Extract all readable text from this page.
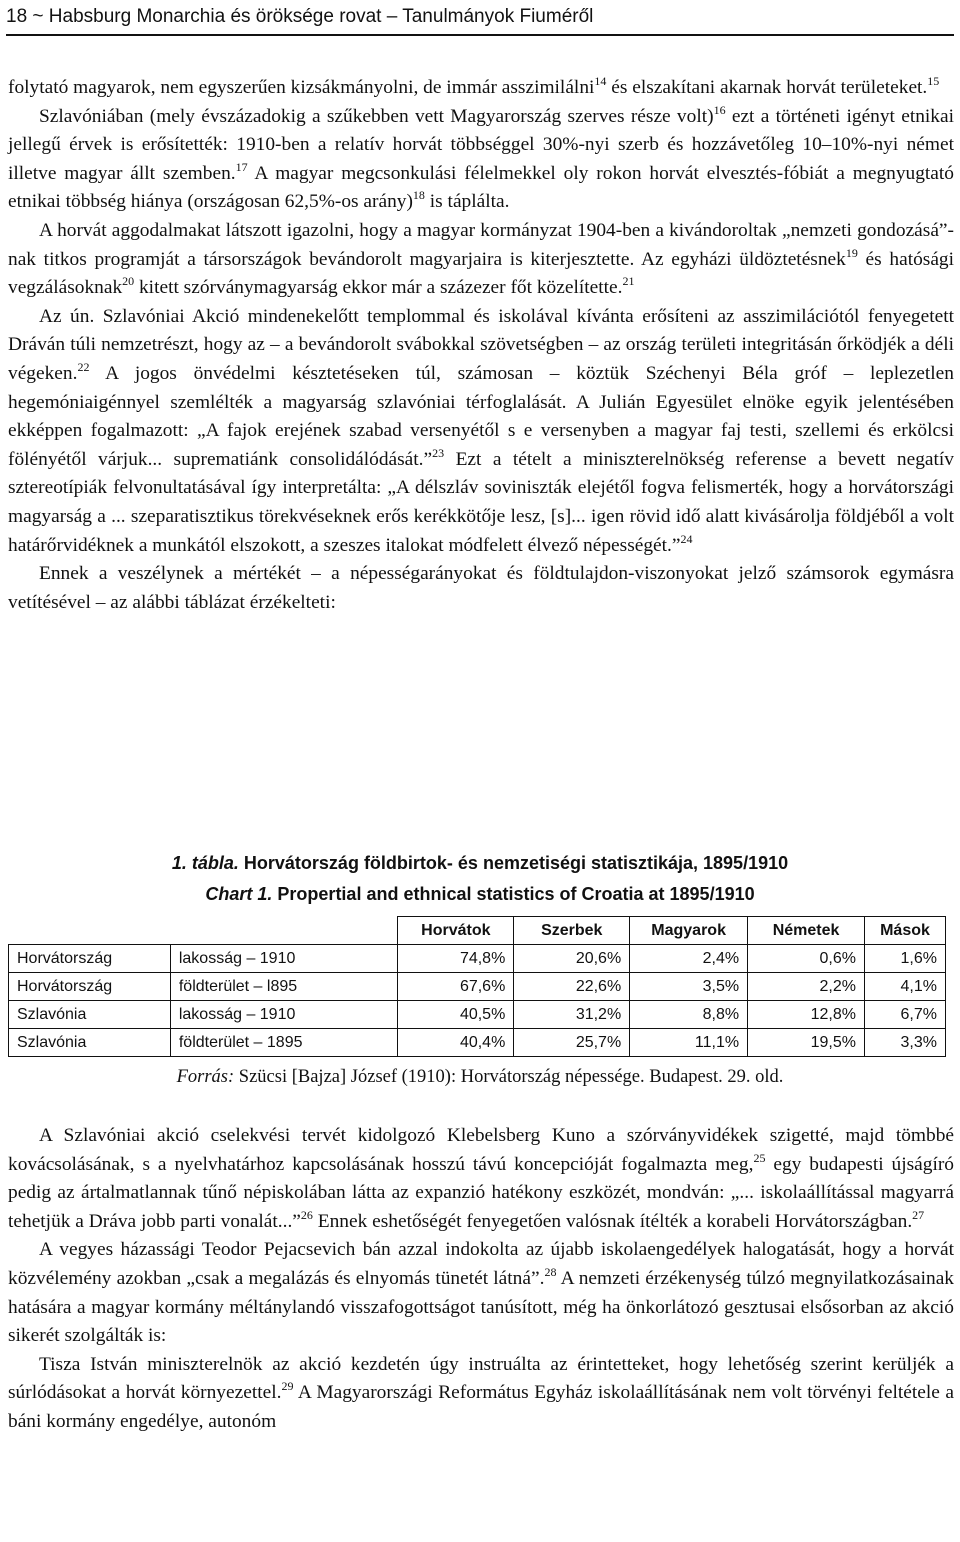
18 ~ Habsburg Monarchia és öröksége rovat – Tanulmányok Fiuméről

folytató magyarok, nem egyszerűen kizsákmányolni, de immár asszimilálni$^{14}$ és elszakítani akarnak horvát területeket.$^{15}$

Szlavóniában (mely évszázadokig a szűkebben vett Magyarország szerves része volt)$^{16}$ ezt a történeti igényt etnikai jellegű érvek is erősítették: 1910-ben a relatív horvát többséggel 30%-nyi szerb és hozzávetőleg 10–10%-nyi német illetve magyar állt szemben.$^{17}$ A magyar megcsonkulási félelmekkel oly rokon horvát elvesztés-fóbiát a megnyugtató etnikai többség hiánya (országosan 62,5%-os arány)$^{18}$ is táplálta.

A horvát aggodalmakat látszott igazolni, hogy a magyar kormányzat 1904-ben a kivándoroltak „nemzeti gondozásá”-nak titkos programját a társországok bevándorolt magyarjaira is kiterjesztette. Az egyházi üldöztetésnek$^{19}$ és hatósági vegzálásoknak$^{20}$ kitett szórványmagyarság ekkor már a százezer főt közelítette.$^{21}$

Az ún. Szlavóniai Akció mindenekelőtt templommal és iskolával kívánta erősíteni az asszimilációtól fenyegetett Dráván túli nemzetrészt, hogy az – a bevándorolt svábokkal szövetségben – az ország területi integritásán őrködjék a déli végeken.$^{22}$ A jogos önvédelmi késztetéseken túl, számosan – köztük Széchenyi Béla gróf – leplezetlen hegemóniaigénnyel szemlélték a magyarság szlavóniai térfoglalását. A Julián Egyesület elnöke egyik jelentésében ekképpen fogalmazott: „A fajok erejének szabad versenyétől s e versenyben a magyar faj testi, szellemi és erkölcsi fölényétől várjuk... suprematiánk consolidálódását.”$^{23}$ Ezt a tételt a miniszterelnökség referense a bevett negatív sztereotípiák felvonultatásával így interpretálta: „A délszláv soviniszták elejétől fogva felismerték, hogy a horvátországi magyarság a ... szeparatisztikus törekvéseknek erős kerékkötője lesz, [s]... igen rövid idő alatt kivásárolja földjéből a volt határőrvidéknek a munkától elszokott, a szeszes italokat módfelett élvező népességét.”$^{24}$

Ennek a veszélynek a mértékét – a népességarányokat és földtulajdon-viszonyokat jelző számsorok egymásra vetítésével – az alábbi táblázat érzékelteti:

1. tábla. Horvátország földbirtok- és nemzetiségi statisztikája, 1895/1910
Chart 1. Propertial and ethnical statistics of Croatia at 1895/1910
		Horvátok	Szerbek	Magyarok	Németek	Mások
Horvátország	lakosság – 1910	74,8%	20,6%	2,4%	0,6%	1,6%
Horvátország	földterület – l895	67,6%	22,6%	3,5%	2,2%	4,1%
Szlavónia	lakosság – 1910	40,5%	31,2%	8,8%	12,8%	6,7%
Szlavónia	földterület – 1895	40,4%	25,7%	11,1%	19,5%	3,3%
Forrás: Szücsi [Bajza] József (1910): Horvátország népessége. Budapest. 29. old.

A Szlavóniai akció cselekvési tervét kidolgozó Klebelsberg Kuno a szórványvidékek szigetté, majd tömbbé kovácsolásának, s a nyelvhatárhoz kapcsolásának hosszú távú koncepcióját fogalmazta meg,$^{25}$ egy budapesti újságíró pedig az ártalmatlannak tűnő népiskolában látta az expanzió hatékony eszközét, mondván: „... iskolaállítással magyarrá tehetjük a Dráva jobb parti vonalát...”$^{26}$ Ennek eshetőségét fenyegetően valósnak ítélték a korabeli Horvátországban.$^{27}$

A vegyes házassági Teodor Pejacsevich bán azzal indokolta az újabb iskolaengedélyek halogatását, hogy a horvát közvélemény azokban „csak a megalázás és elnyomás tünetét látná”.$^{28}$ A nemzeti érzékenység túlzó megnyilatkozásainak hatására a magyar kormány méltánylandó visszafogottságot tanúsított, még ha önkorlátozó gesztusai elsősorban az akció sikerét szolgálták is:

Tisza István miniszterelnök az akció kezdetén úgy instruálta az érintetteket, hogy lehetőség szerint kerüljék a súrlódásokat a horvát környezettel.$^{29}$ A Magyarországi Református Egyház iskolaállításának nem volt törvényi feltétele a báni kormány engedélye, autonóm
